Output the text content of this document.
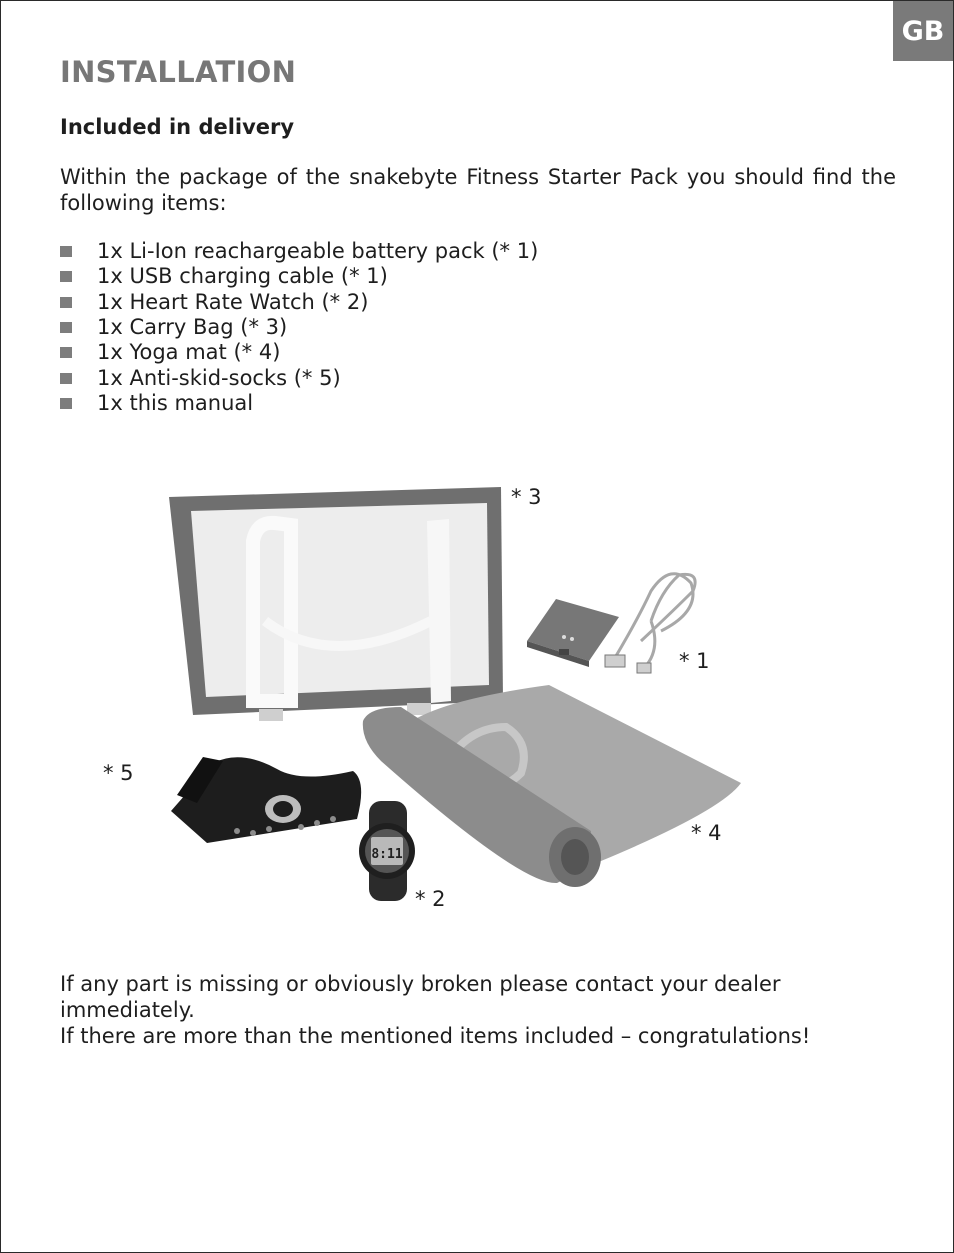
GB
INSTALLATION
Included in delivery

Within the package of the snakebyte Fitness Starter Pack you should find the following items:

1x Li-Ion reachargeable battery pack (* 1)
1x USB charging cable (* 1)
1x Heart Rate Watch (* 2)
1x Carry Bag (* 3)
1x Yoga mat (* 4)
1x Anti-skid-socks (* 5)
1x this manual
8:11
* 3
* 1
* 5
* 4
* 2
If any part is missing or obviously broken please contact your dealer immediately.
If there are more than the mentioned items included – congratulations!
